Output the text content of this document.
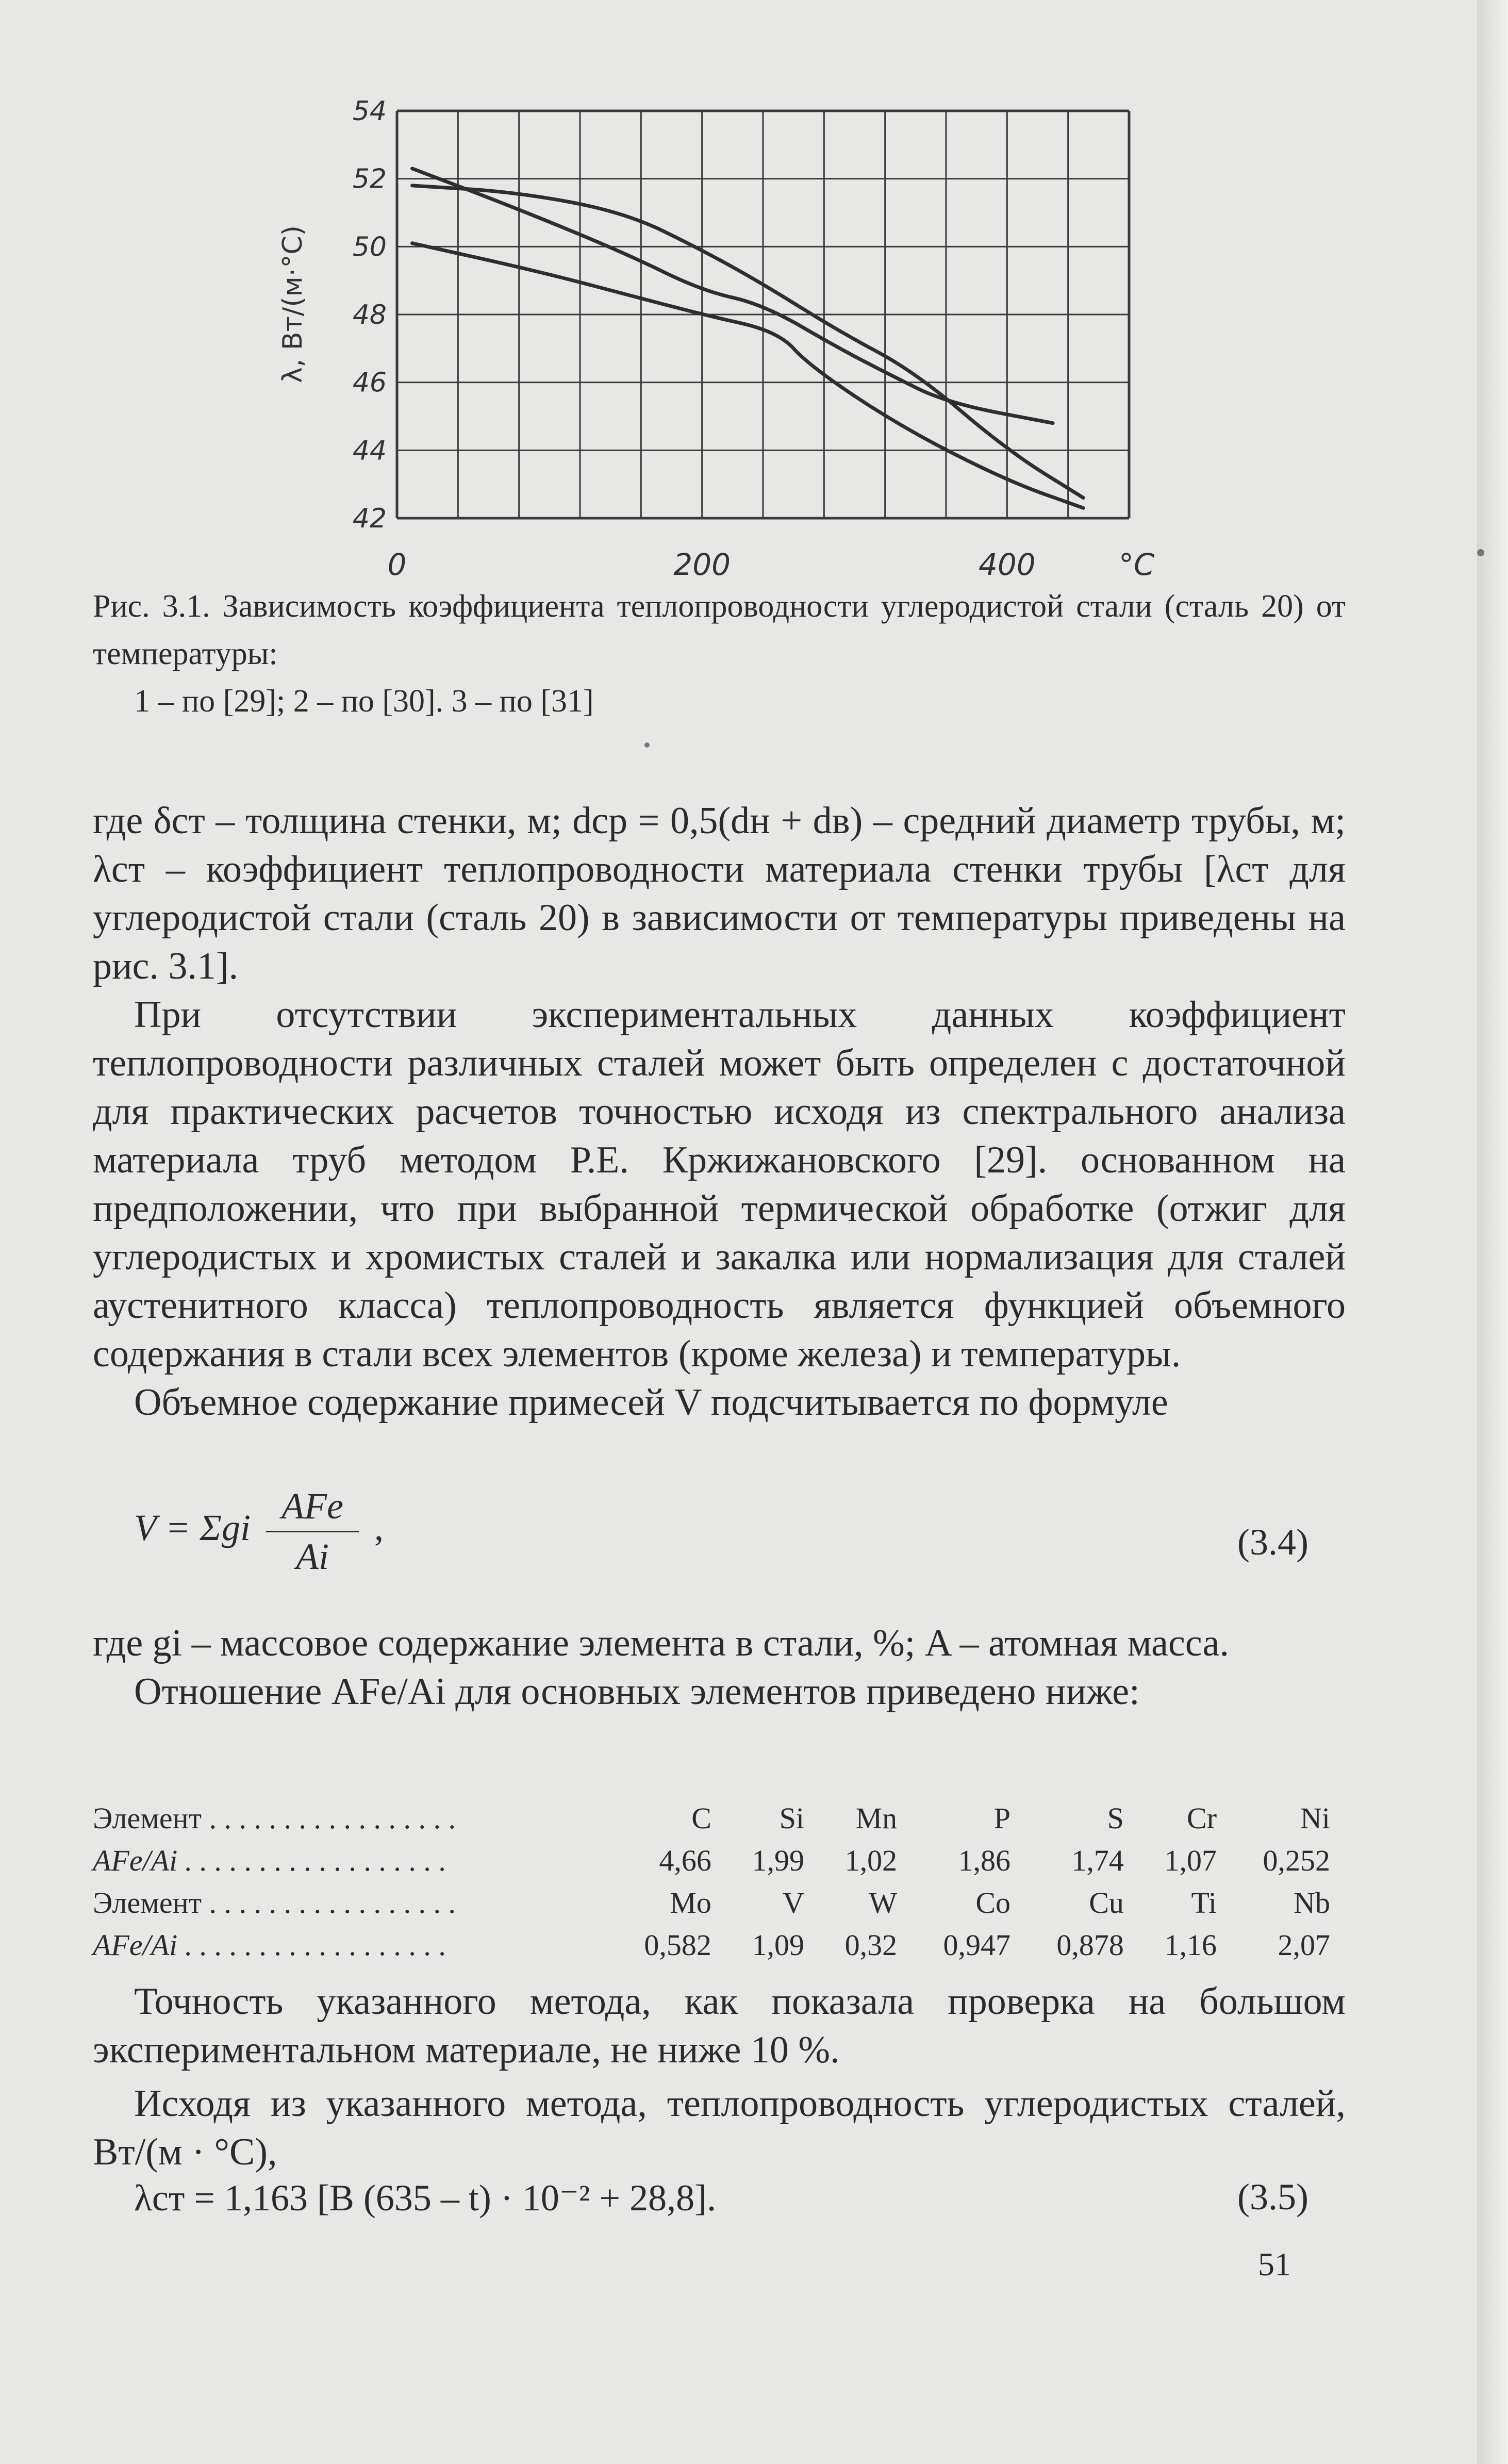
54
52
50
48
46
44
42
0	200	400	°C
λ, Вт/(м·°C)
Рис. 3.1. Зависимость коэффициента теплопроводности углеродистой стали (сталь 20) от температуры:
1 – по [29]; 2 – по [30]. 3 – по [31]

где δст – толщина стенки, м; dср = 0,5(dн + dв) – средний диаметр трубы, м; λст – коэффициент теплопроводности материала стенки трубы [λст для углеродистой стали (сталь 20) в зависимости от температуры приведены на рис. 3.1].

При отсутствии экспериментальных данных коэффициент теплопроводности различных сталей может быть определен с достаточной для практических расчетов точностью исходя из спектрального анализа материала труб методом Р.Е. Кржижановского [29]. основанном на предположении, что при выбранной термической обработке (отжиг для углеродистых и хромистых сталей и закалка или нормализация для сталей аустенитного класса) теплопроводность является функцией объемного содержания в стали всех элементов (кроме железа) и температуры.

Объемное содержание примесей V подсчитывается по формуле

V = Σgi $\frac{\text{AFe}}{Ai}$ ,	(3.4)

где gi – массовое содержание элемента в стали, %; A – атомная масса.

Отношение AFe/Ai для основных элементов приведено ниже:

Элемент . . . . . . . . . . . . . . . . .	C	Si	Mn	P	S	Cr	Ni
AFe/Ai . . . . . . . . . . . . . . . . . .	4,66	1,99	1,02	1,86	1,74	1,07	0,252
Элемент . . . . . . . . . . . . . . . . .	Mo	V	W	Co	Cu	Ti	Nb
AFe/Ai . . . . . . . . . . . . . . . . . .	0,582	1,09	0,32	0,947	0,878	1,16	2,07

Точность указанного метода, как показала проверка на большом экспериментальном материале, не ниже 10 %.

Исходя из указанного метода, теплопроводность углеродистых сталей, Вт/(м · °C),

λст = 1,163 [B (635 – t) · 10⁻² + 28,8].	(3.5)
51
